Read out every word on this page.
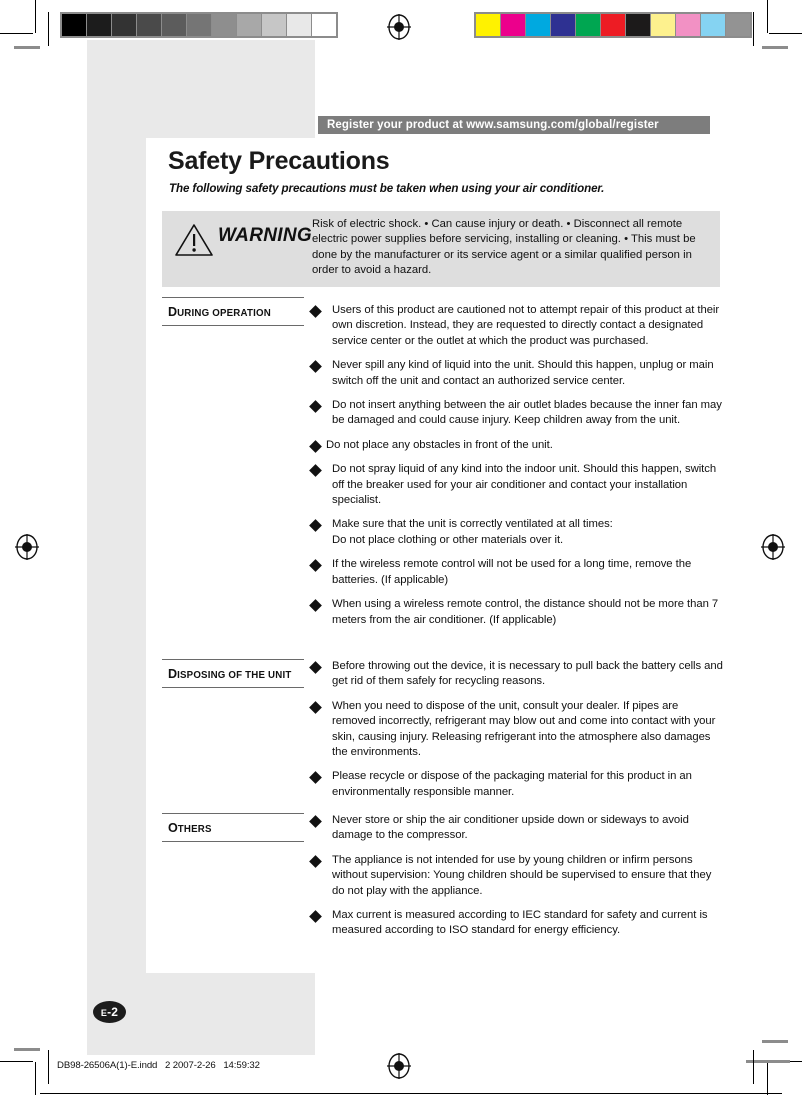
Register your product at www.samsung.com/global/register
Safety Precautions
The following safety precautions must be taken when using your air conditioner.
WARNING
Risk of electric shock. • Can cause injury or death. • Disconnect all remote electric power supplies before servicing, installing or cleaning. • This must be done by the manufacturer or its service agent or a similar qualified person in order to avoid a hazard.
DURING OPERATION	Users of this product are cautioned not to attempt repair of this product at their own discretion. Instead, they are requested to directly contact a designated service center or the outlet at which the product was purchased.
Never spill any kind of liquid into the unit. Should this happen, unplug or main switch off the unit and contact an authorized service center.
Do not insert anything between the air outlet blades because the inner fan may be damaged and could cause injury. Keep children away from the unit.
Do not place any obstacles in front of the unit.
Do not spray liquid of any kind into the indoor unit. Should this happen, switch off the breaker used for your air conditioner and contact your installation specialist.
Make sure that the unit is correctly ventilated at all times:
Do not place clothing or other materials over it.
If the wireless remote control will not be used for a long time, remove the batteries. (If applicable)
When using a wireless remote control, the distance should not be more than 7 meters from the air conditioner. (If applicable)
DISPOSING OF THE UNIT
Before throwing out the device, it is necessary to pull back the battery cells and get rid of them safely for recycling reasons.
When you need to dispose of the unit, consult your dealer. If pipes are removed incorrectly, refrigerant may blow out and come into contact with your skin, causing injury. Releasing refrigerant into the atmosphere also damages the environments.
Please recycle or dispose of the packaging material for this product in an environmentally responsible manner.
OTHERS
Never store or ship the air conditioner upside down or sideways to avoid damage to the compressor.
The appliance is not intended for use by young children or infirm persons without supervision: Young children should be supervised to ensure that they do not play with the appliance.
Max current is measured according to IEC standard for safety and current is measured according to ISO standard for energy efficiency.
E-2
DB98-26506A(1)-E.indd   2 2007-2-26   14:59:32
